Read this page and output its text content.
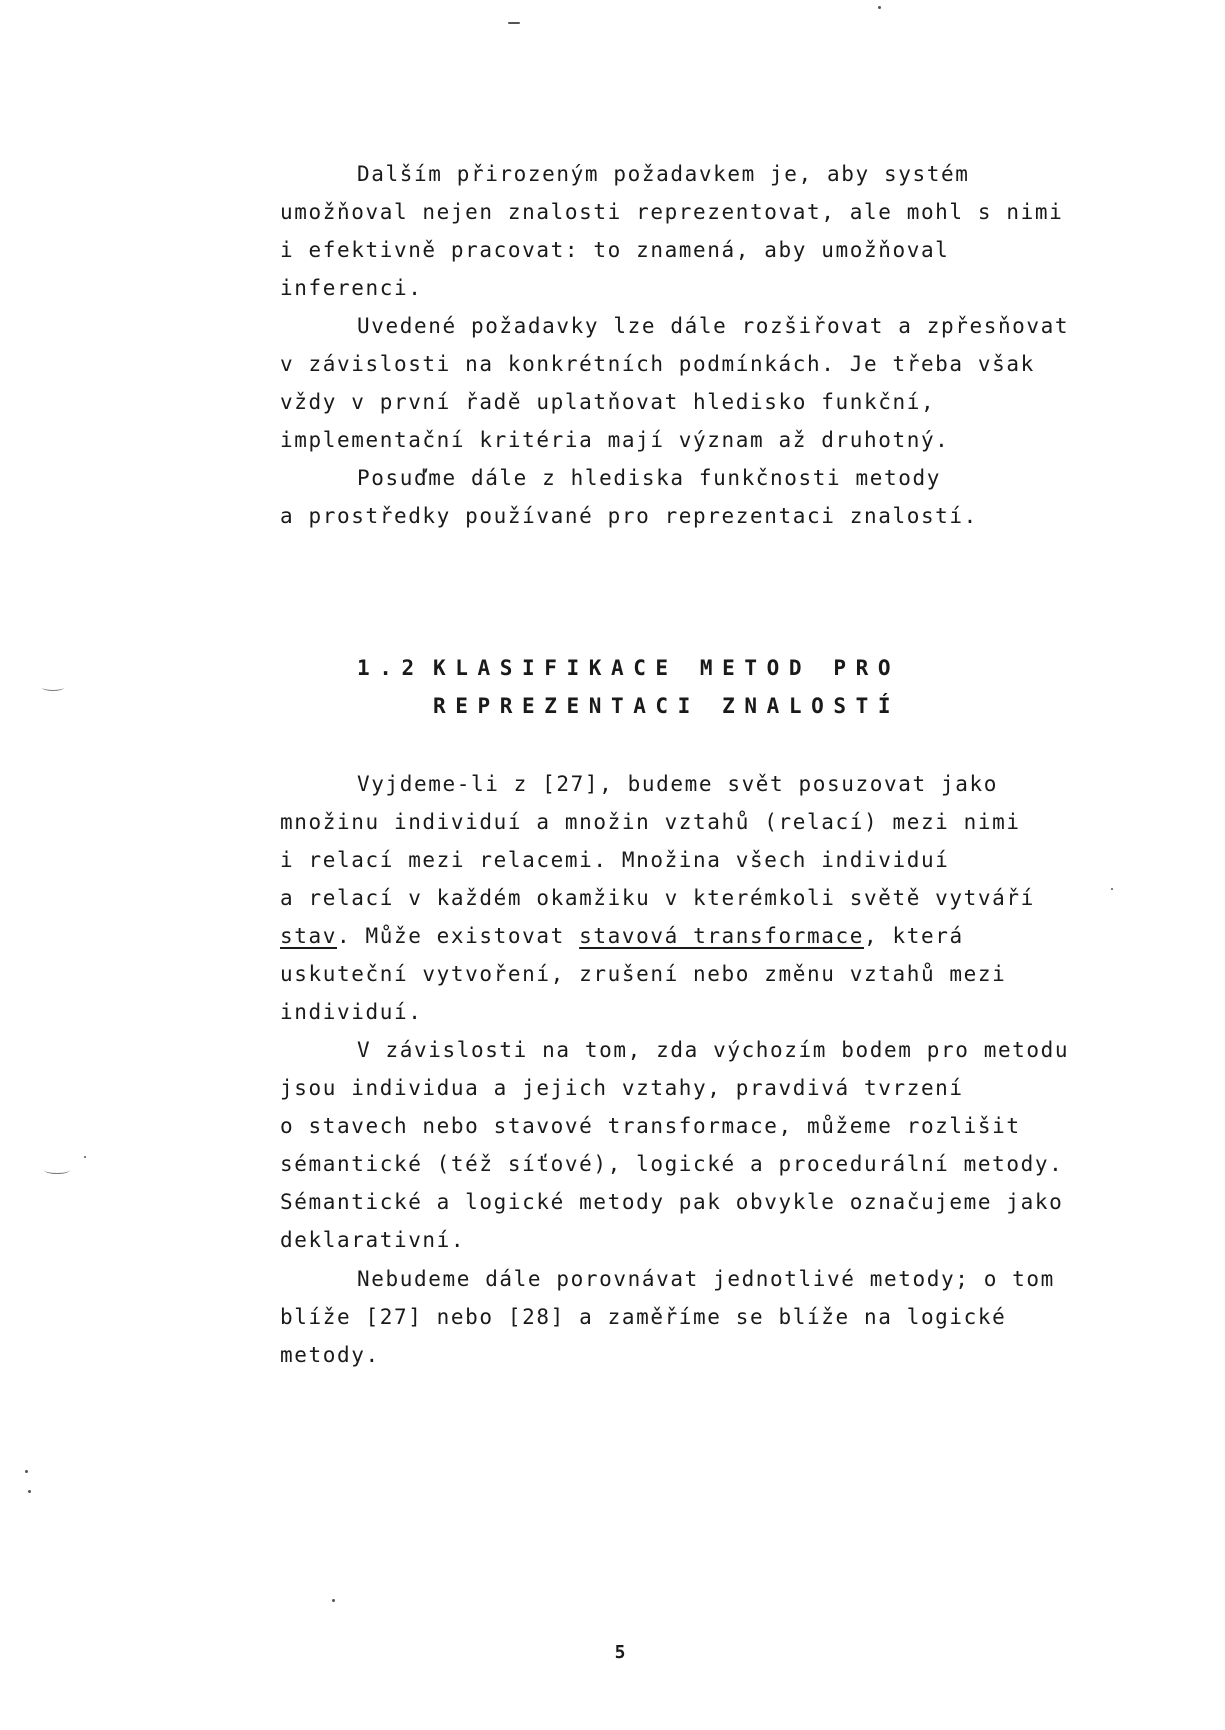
Dalším přirozeným požadavkem je, aby systém
umožňoval nejen znalosti reprezentovat, ale mohl s nimi
i efektivně pracovat: to znamená, aby umožňoval
inferenci.
Uvedené požadavky lze dále rozšiřovat a zpřesňovat
v závislosti na konkrétních podmínkách. Je třeba však
vždy v první řadě uplatňovat hledisko funkční,
implementační kritéria mají význam až druhotný.
Posuďme dále z hlediska funkčnosti metody
a prostředky používané pro reprezentaci znalostí.
1.2 KLASIFIKACE METOD PRO
REPREZENTACI ZNALOSTÍ
Vyjdeme-li z [27], budeme svět posuzovat jako
množinu individuí a množin vztahů (relací) mezi nimi
i relací mezi relacemi. Množina všech individuí
a relací v každém okamžiku v kterémkoli světě vytváří
stav. Může existovat stavová transformace, která
uskuteční vytvoření, zrušení nebo změnu vztahů mezi
individuí.
V závislosti na tom, zda výchozím bodem pro metodu
jsou individua a jejich vztahy, pravdivá tvrzení
o stavech nebo stavové transformace, můžeme rozlišit
sémantické (též síťové), logické a procedurální metody.
Sémantické a logické metody pak obvykle označujeme jako
deklarativní.
Nebudeme dále porovnávat jednotlivé metody; o tom
blíže [27] nebo [28] a zaměříme se blíže na logické
metody.
5
